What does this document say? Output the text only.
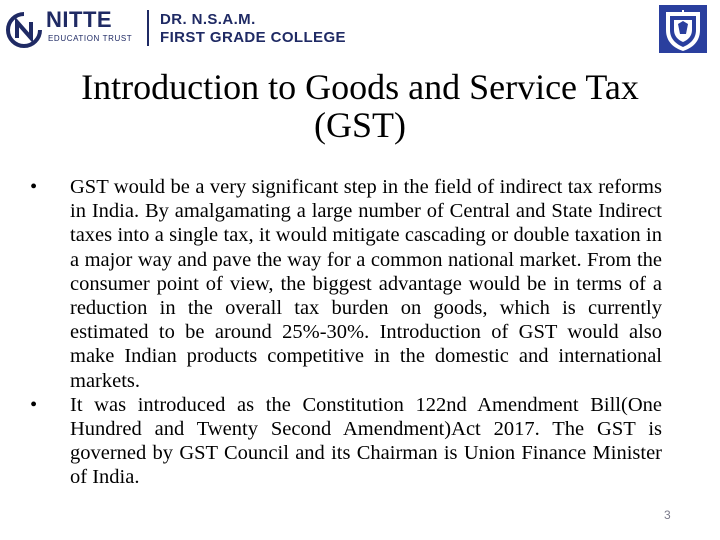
NITTE
EDUCATION TRUST
DR. N.S.A.M.
FIRST GRADE COLLEGE
Introduction to Goods and Service Tax (GST)
• GST would be a very significant step in the field of indirect tax reforms in India. By amalgamating a large number of Central and State Indirect taxes into a single tax, it would mitigate cascading or double taxation in a major way and pave the way for a common national market. From the consumer point of view, the biggest advantage would be in terms of a reduction in the overall tax burden on goods, which is currently estimated to be around 25%-30%. Introduction of GST would also make Indian products competitive in the domestic and international markets.
• It was introduced as the Constitution 122nd Amendment Bill(One Hundred and Twenty Second Amendment)Act 2017. The GST is governed by GST Council and its Chairman is Union Finance Minister of India.
3
